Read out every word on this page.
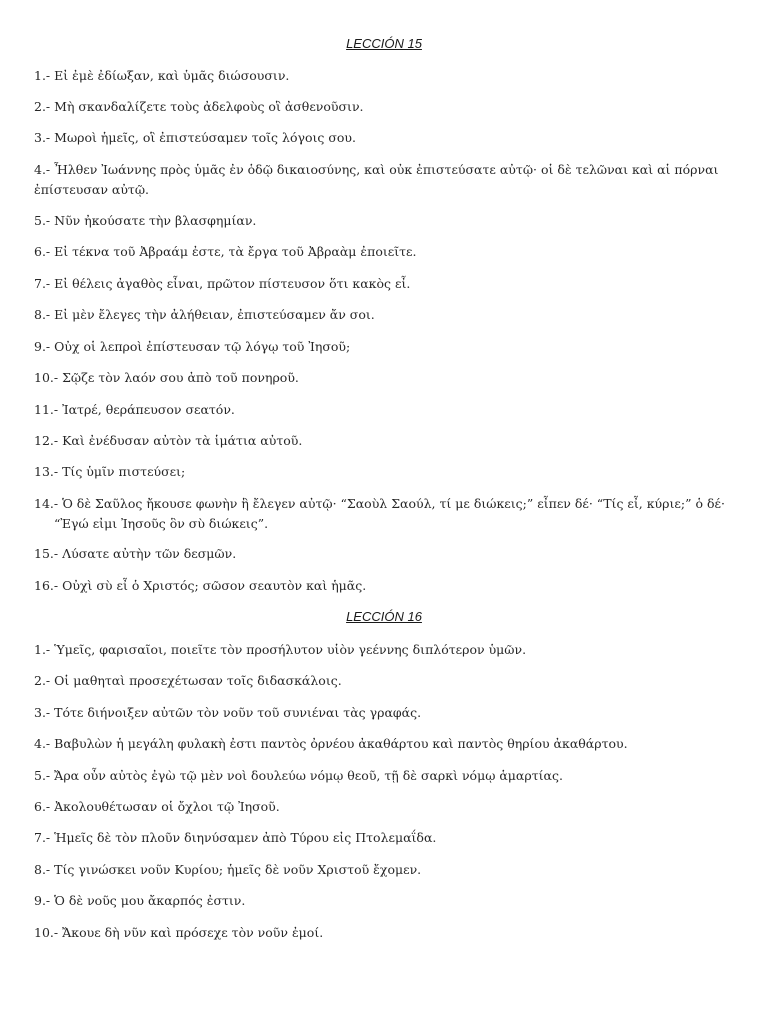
LECCIÓN 15
1.- Εἰ ἐμὲ ἐδίωξαν, καὶ ὑμᾶς διώσουσιν.
2.- Μὴ σκανδαλίζετε τοὺς ἀδελφοὺς οἳ ἀσθενοῦσιν.
3.- Μωροὶ ἡμεῖς, οἳ ἐπιστεύσαμεν τοῖς λόγοις σου.
4.- Ἦλθεν Ἰωάννης πρὸς ὑμᾶς ἐν ὁδῷ δικαιοσύνης, καὶ οὐκ ἐπιστεύσατε αὐτῷ· οἱ δὲ τελῶναι καὶ αἱ πόρναι
ἐπίστευσαν αὐτῷ.
5.- Νῦν ἠκούσατε τὴν βλασφημίαν.
6.- Εἰ τέκνα τοῦ Ἀβραάμ ἐστε, τὰ ἔργα τοῦ Ἀβραὰμ ἐποιεῖτε.
7.- Εἰ θέλεις ἀγαθὸς εἶναι, πρῶτον πίστευσον ὅτι κακὸς εἶ.
8.- Εἰ μὲν ἔλεγες τὴν ἀλήθειαν, ἐπιστεύσαμεν ἄν σοι.
9.- Οὐχ οἱ λεπροὶ ἐπίστευσαν τῷ λόγῳ τοῦ Ἰησοῦ;
10.- Σῷζε τὸν λαόν σου ἀπὸ τοῦ πονηροῦ.
11.- Ἰατρέ, θεράπευσον σεατόν.
12.- Καὶ ἐνέδυσαν αὐτὸν τὰ ἱμάτια αὐτοῦ.
13.- Τίς ὑμῖν πιστεύσει;
14.- Ὁ δὲ Σαῦλος ἤκουσε φωνὴν ἣ ἔλεγεν αὐτῷ· “Σαοὺλ Σαούλ, τί με διώκεις;” εἶπεν δέ· “Τίς εἶ, κύριε;” ὁ δέ·
“Ἐγώ εἰμι Ἰησοῦς ὃν σὺ διώκεις”.
15.- Λύσατε αὐτὴν τῶν δεσμῶν.
16.- Οὐχὶ σὺ εἶ ὁ Χριστός; σῶσον σεαυτὸν καὶ ἡμᾶς.
LECCIÓN 16
1.- Ὑμεῖς, φαρισαῖοι, ποιεῖτε τὸν προσήλυτον υἱὸν γεέννης διπλότερον ὑμῶν.
2.- Οἱ μαθηταὶ προσεχέτωσαν τοῖς διδασκάλοις.
3.- Τότε διήνοιξεν αὐτῶν τὸν νοῦν τοῦ συνιέναι τὰς γραφάς.
4.- Βαβυλὼν ἡ μεγάλη φυλακὴ ἐστι παντὸς ὀρνέου ἀκαθάρτου καὶ παντὸς θηρίου ἀκαθάρτου.
5.- Ἄρα οὖν αὐτὸς ἐγὼ τῷ μὲν νοὶ δουλεύω νόμῳ θεοῦ, τῇ δὲ σαρκὶ νόμῳ ἁμαρτίας.
6.- Ἀκολουθέτωσαν οἱ ὄχλοι τῷ Ἰησοῦ.
7.- Ἡμεῖς δὲ τὸν πλοῦν διηνύσαμεν ἀπὸ Τύρου εἰς Πτολεμαΐδα.
8.- Τίς γινώσκει νοῦν Κυρίου; ἡμεῖς δὲ νοῦν Χριστοῦ ἔχομεν.
9.- Ὁ δὲ νοῦς μου ἄκαρπός ἐστιν.
10.- Ἄκουε δὴ νῦν καὶ πρόσεχε τὸν νοῦν ἐμοί.
